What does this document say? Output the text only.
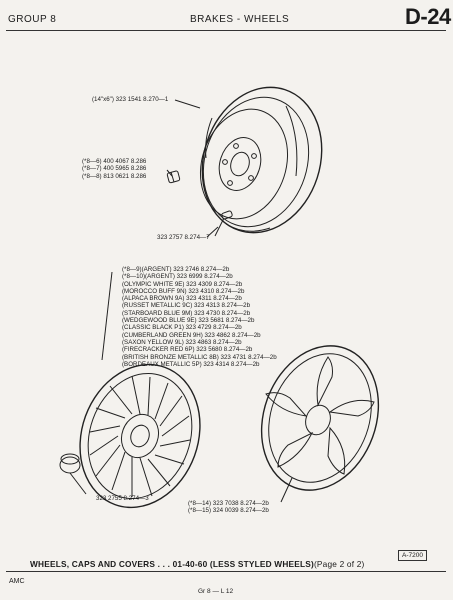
GROUP 8	BRAKES - WHEELS	D-24
(14"x6") 323 1541 8.270—1
(*8—6) 400 4067 8.286
(*8—7) 400 5965 8.286
(*8—8) 813 0621 8.286
323 2757 8.274—7
(*8—9)(ARGENT) 323 2746 8.274—2b
(*8—10)(ARGENT) 323 6999 8.274—2b
(OLYMPIC WHITE 9E) 323 4309 8.274—2b
(MOROCCO BUFF 9N) 323 4310 8.274—2b
(ALPACA BROWN 9A) 323 4311 8.274—2b
(RUSSET METALLIC 9C) 323 4313 8.274—2b
(STARBOARD BLUE 9M) 323 4730 8.274—2b
(WEDGEWOOD BLUE 9E) 323 5681 8.274—2b
(CLASSIC BLACK P1) 323 4729 8.274—2b
(CUMBERLAND GREEN 9H) 323 4862 8.274—2b
(SAXON YELLOW 9L) 323 4863 8.274—2b
(FIRECRACKER RED 6P) 323 5680 8.274—2b
(BRITISH BRONZE METALLIC 8B) 323 4731 8.274—2b
(BORDEAUX METALLIC 5P) 323 4314 8.274—2b
323 2755 8.274—3
(*8—14) 323 7038 8.274—2b
(*8—15) 324 0039 8.274—2b
A-7200
WHEELS, CAPS AND COVERS . . . 01-40-60 (LESS STYLED WHEELS)(Page 2 of 2)
AMC
Gr 8 — L 12
